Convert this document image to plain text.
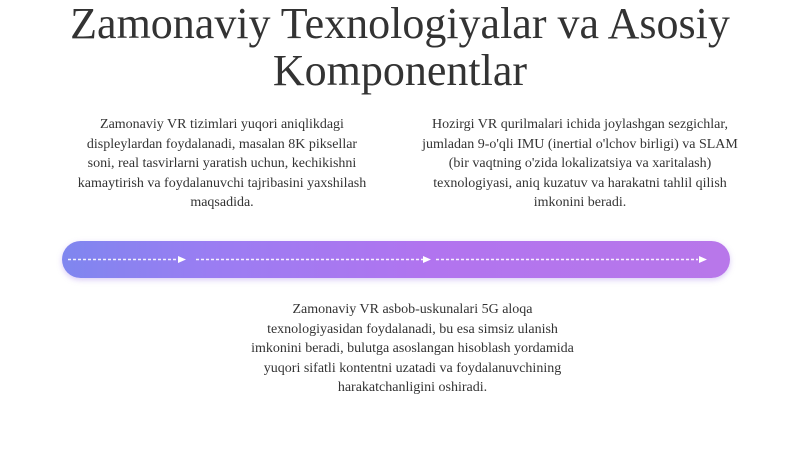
Zamonaviy Texnologiyalar va Asosiy
Komponentlar

Zamonaviy VR tizimlari yuqori aniqlikdagi displeylardan foydalanadi, masalan 8K piksellar soni, real tasvirlarni yaratish uchun, kechikishni kamaytirish va foydalanuvchi tajribasini yaxshilash maqsadida.

Hozirgi VR qurilmalari ichida joylashgan sezgichlar, jumladan 9-o'qli IMU (inertial o'lchov birligi) va SLAM (bir vaqtning o'zida lokalizatsiya va xaritalash) texnologiyasi, aniq kuzatuv va harakatni tahlil qilish imkonini beradi.

Zamonaviy VR asbob-uskunalari 5G aloqa texnologiyasidan foydalanadi, bu esa simsiz ulanish imkonini beradi, bulutga asoslangan hisoblash yordamida yuqori sifatli kontentni uzatadi va foydalanuvchining harakatchanligini oshiradi.
